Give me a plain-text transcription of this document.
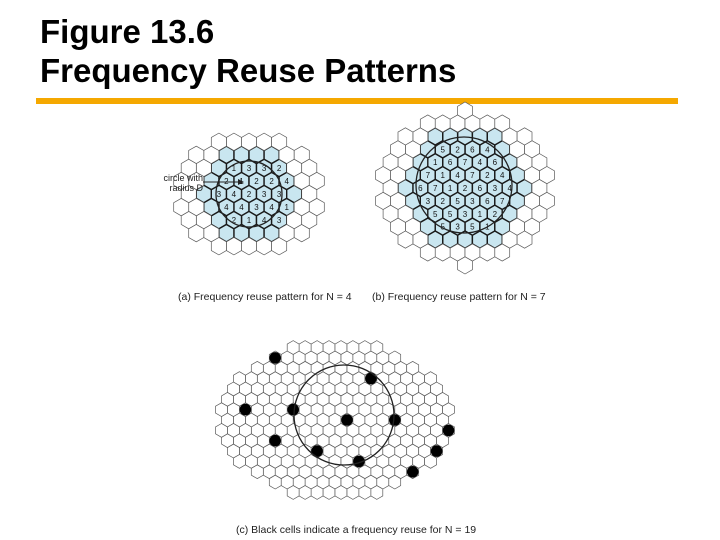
Figure 13.6
Frequency Reuse Patterns
2
4	3
2
4 3
2
4
3
1
2
4
3
1	3
2	4
3
4
1
2
3
2
7
3
1	6
4
5
2
6
7
3
1
2
7	3
6	4
5	1
6
4
7
5
2
3
1	6
5	2
7
3
4
1
5
6	4
5
circle with
radius D
(a) Frequency reuse pattern for N = 4 (b) Frequency reuse pattern for N = 7
(c) Black cells indicate a frequency reuse for N = 19
